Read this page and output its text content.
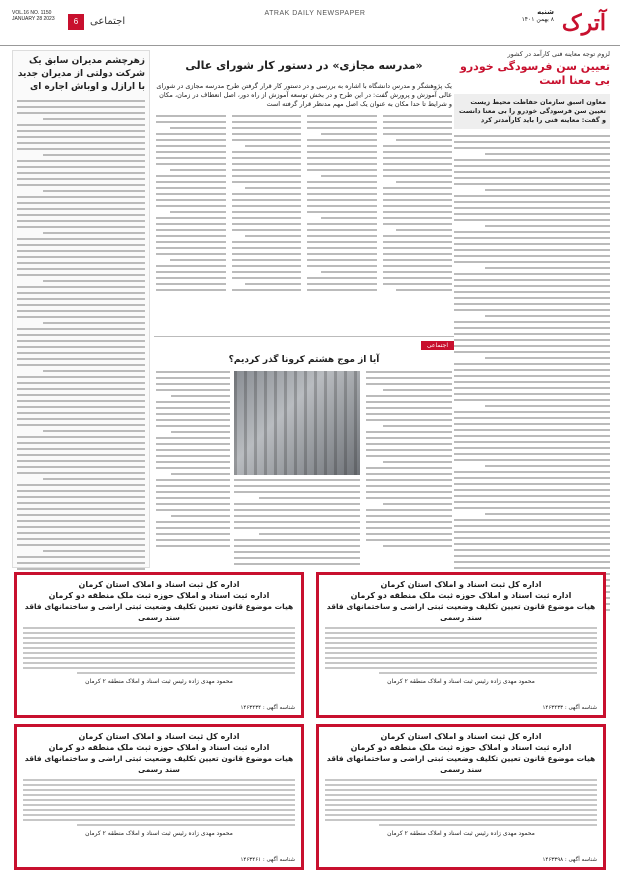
آترک
شنبه
۸ بهمن ۱۴۰۱
ATRAK DAILY NEWSPAPER
VOL.16 NO. 1150
JANUARY 28 2023	6	اجتماعی
زهرچشم مدیران سابق یک شرکت دولتی از مدیران جدید با ارازل و اوباش اجاره ای
«مدرسه مجازی» در دستور کار شورای عالی
یک پژوهشگر و مدرس دانشگاه با اشاره به بررسی و در دستور کار قرار گرفتن طرح مدرسه مجازی در شورای عالی آموزش و پرورش گفت: در این طرح و در بخش توسعه آموزش از راه دور، اصل انعطاف در زمان، مکان و شرایط تا حدا مکان به عنوان یک اصل مهم مدنظر قرار گرفته است
اجتماعی
آیا از موج هشتم کرونا گذر کردیم؟
لزوم توجه معاینه فنی کارآمد در کشور
تعیین سن فرسودگی خودرو بی معنا است
معاون اسبق سازمان حفاظت محیط زیست تعیین سن فرسودگی خودرو را بی معنا دانست و گفت: معاینه فنی را باید کارآمدتر کرد
اداره کل ثبت اسناد و املاک استان کرمان
اداره ثبت اسناد و املاک حوزه ثبت ملک منطقه دو کرمان
هیات موضوع قانون تعیین تکلیف وضعیت ثبتی اراضی و ساختمانهای فاقد سند رسمی
محمود مهدی زاده رئیس ثبت اسناد و املاک منطقه ۲ کرمان
شناسه آگهی : ۱۴۶۳۴۳۳
اداره کل ثبت اسناد و املاک استان کرمان
اداره ثبت اسناد و املاک حوزه ثبت ملک منطقه دو کرمان
هیات موضوع قانون تعیین تکلیف وضعیت ثبتی اراضی و ساختمانهای فاقد سند رسمی
محمود مهدی زاده رئیس ثبت اسناد و املاک منطقه ۲ کرمان
شناسه آگهی : ۱۴۶۳۴۳۴
اداره کل ثبت اسناد و املاک استان کرمان
اداره ثبت اسناد و املاک حوزه ثبت ملک منطقه دو کرمان
هیات موضوع قانون تعیین تکلیف وضعیت ثبتی اراضی و ساختمانهای فاقد سند رسمی
محمود مهدی زاده رئیس ثبت اسناد و املاک منطقه ۲ کرمان
شناسه آگهی : ۱۴۶۳۳۹۸
اداره کل ثبت اسناد و املاک استان کرمان
اداره ثبت اسناد و املاک حوزه ثبت ملک منطقه دو کرمان
هیات موضوع قانون تعیین تکلیف وضعیت ثبتی اراضی و ساختمانهای فاقد سند رسمی
محمود مهدی زاده رئیس ثبت اسناد و املاک منطقه ۲ کرمان
شناسه آگهی : ۱۴۶۳۴۶۱
